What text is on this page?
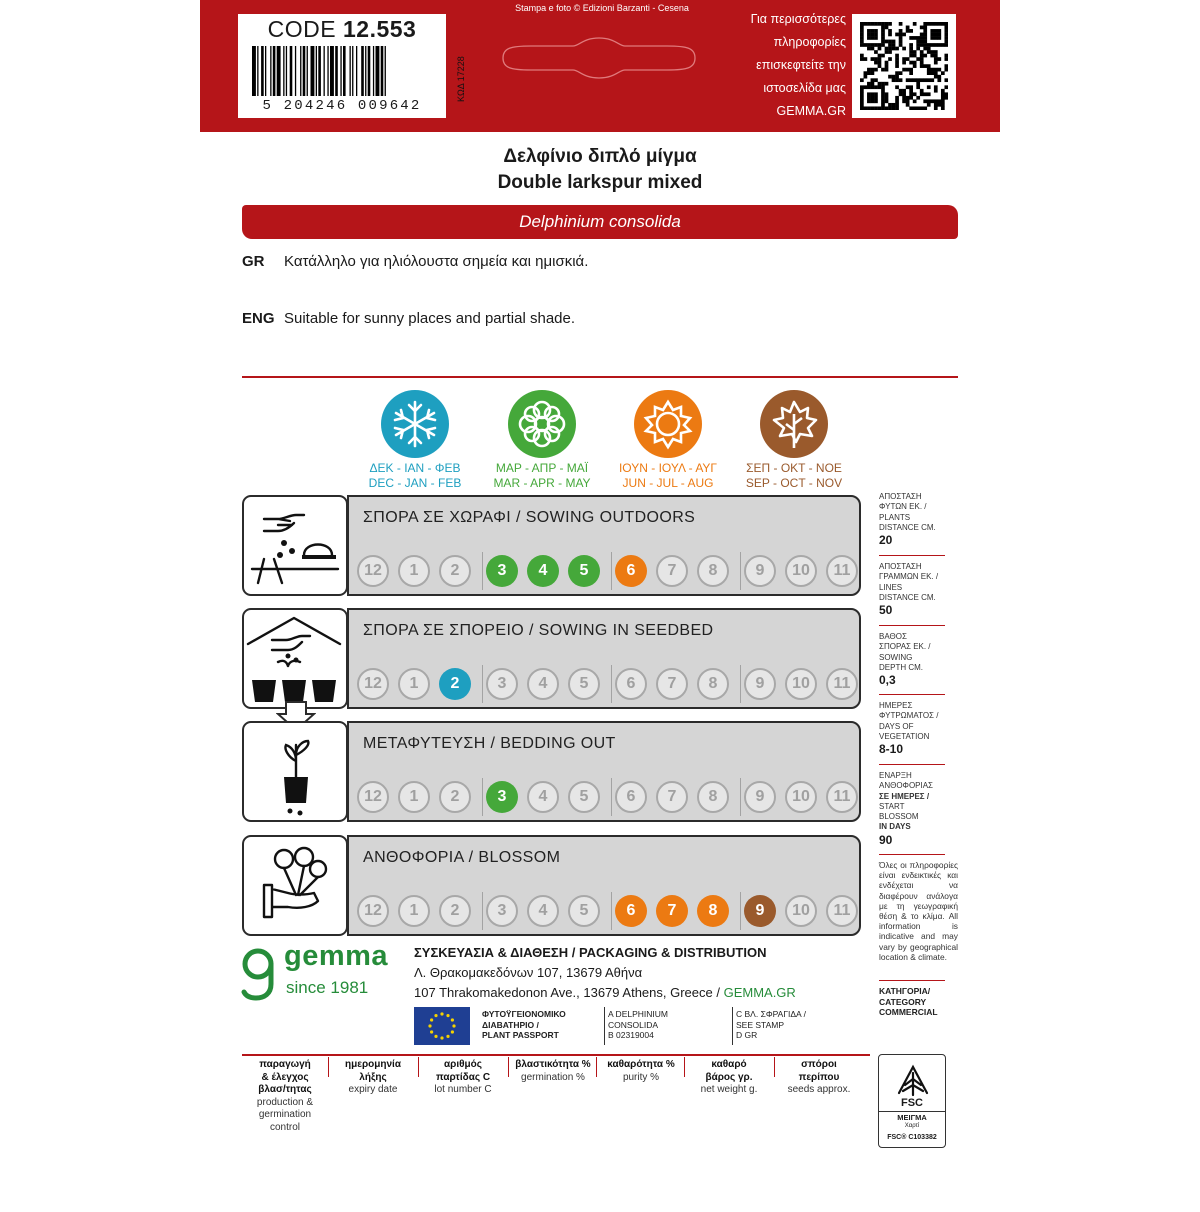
CODE 12.553
5 204246 009642
ΚΩΔ 17228
Stampa e foto © Edizioni Barzanti - Cesena
Για περισσότερες
πληροφορίες
επισκεφτείτε την
ιστοσελίδα μας
GEMMA.GR
Δελφίνιο διπλό μίγμα
Double larkspur mixed
Delphinium consolida
GR Κατάλληλο για ηλιόλουστα σημεία και ημισκιά.
ENG Suitable for sunny places and partial shade.
ΔΕΚ - ΙΑΝ - ΦΕΒ
DEC - JAN - FEB
ΜΑΡ - ΑΠΡ - ΜΑΪ
MAR - APR - MAY
ΙΟΥΝ - ΙΟΥΛ - ΑΥΓ
JUN - JUL - AUG
ΣΕΠ - ΟΚΤ - ΝΟΕ
SEP - OCT - NOV
ΣΠΟΡΑ ΣΕ ΧΩΡΑΦΙ / SOWING OUTDOORS
12	1	2	3	4	5	6	7	8	9	10	11
ΣΠΟΡΑ ΣΕ ΣΠΟΡΕΙΟ / SOWING IN SEEDBED
12	1	2	3	4	5	6	7	8	9	10	11
ΜΕΤΑΦΥΤΕΥΣΗ / BEDDING OUT
12	1	2	3	4	5	6	7	8	9	10	11
ΑΝΘΟΦΟΡΙΑ / BLOSSOM
12	1	2	3	4	5	6	7	8	9	10	11
ΑΠΟΣΤΑΣΗ
ΦΥΤΩΝ ΕΚ. /
PLANTS
DISTANCE CM.
20
ΑΠΟΣΤΑΣΗ
ΓΡΑΜΜΩΝ ΕΚ. /
LINES
DISTANCE CM.
50
ΒΑΘΟΣ
ΣΠΟΡΑΣ ΕΚ. /
SOWING
DEPTH CM.
0,3
ΗΜΕΡΕΣ
ΦΥΤΡΩΜΑΤΟΣ /
DAYS OF
VEGETATION
8-10
ΕΝΑΡΞΗ
ΑΝΘΟΦΟΡΙΑΣ
ΣΕ ΗΜΕΡΕΣ /
START
BLOSSOM
IN DAYS
90
Όλες οι πληροφορίες είναι ενδεικτικές και ενδέχεται να διαφέρουν ανάλογα με τη γεωγραφική θέση & το κλίμα. All information is indicative and may vary by geographical location & climate.
ΚΑΤΗΓΟΡΙΑ/
CATEGORY
COMMERCIAL
gemma
since 1981
ΣΥΣΚΕΥΑΣΙΑ & ΔΙΑΘΕΣΗ / PACKAGING & DISTRIBUTION
Λ. Θρακομακεδόνων 107, 13679 Αθήνα
107 Thrakomakedonon Ave., 13679 Athens, Greece / GEMMA.GR
ΦΥΤΟΫΓΕΙΟΝΟΜΙΚΟ
ΔΙΑΒΑΤΗΡΙΟ /
PLANT PASSPORT
A DELPHINIUM
CONSOLIDA
B 02319004
C ΒΛ. ΣΦΡΑΓΙΔΑ /
SEE STAMP
D GR
παραγωγή
& έλεγχος
βλασ/τητας
production &
germination
control
ημερομηνία
λήξης
expiry date
αριθμός
παρτίδας C
lot number C
βλαστικότητα %
germination %
καθαρότητα %
purity %
καθαρό
βάρος γρ.
net weight g.
σπόροι
περίπου
seeds approx.
FSC
ΜΕΙΓΜΑ
Χαρτί
FSC® C103382
